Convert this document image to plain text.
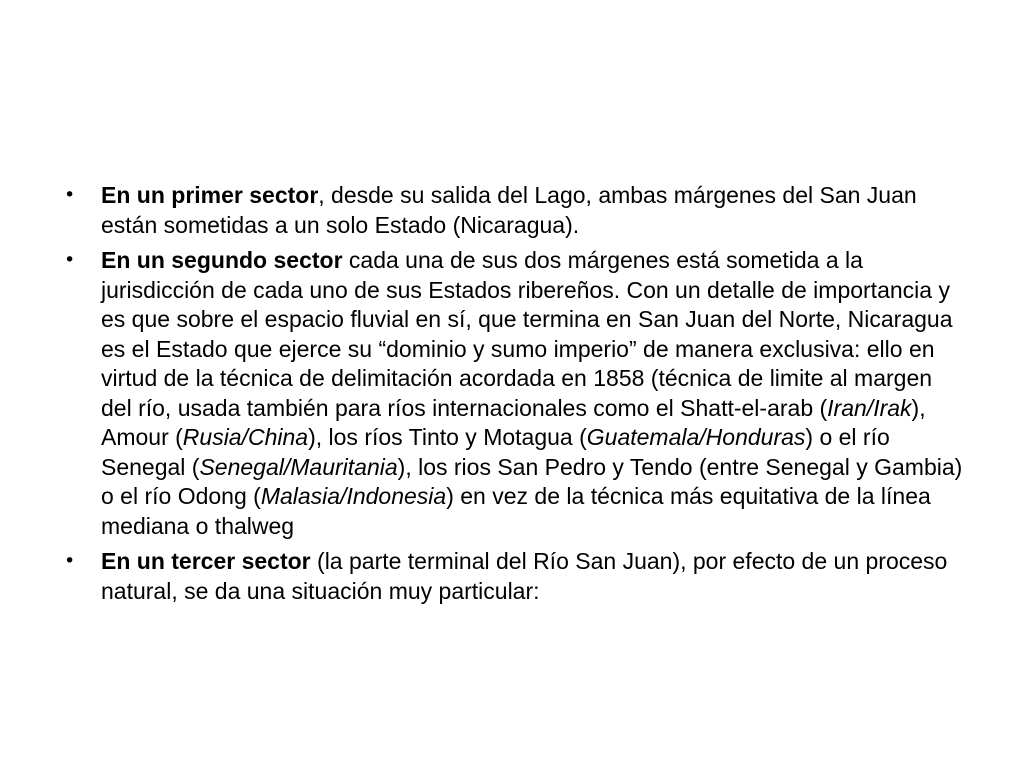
•	En un primer sector, desde su salida del Lago, ambas márgenes del San Juan están sometidas a un solo Estado (Nicaragua).
•	En un segundo sector cada una de sus dos márgenes está sometida a la jurisdicción de cada uno de sus Estados ribereños. Con un detalle de importancia y es que sobre el espacio fluvial en sí, que termina en San Juan del Norte, Nicaragua es el Estado que ejerce su “dominio y sumo imperio” de manera exclusiva: ello en virtud de la técnica de delimitación acordada en 1858 (técnica de limite al margen del río, usada también para ríos internacionales como el Shatt-el-arab (Iran/Irak), Amour (Rusia/China), los ríos Tinto y Motagua (Guatemala/Honduras) o el río Senegal (Senegal/Mauritania), los rios San Pedro y Tendo (entre Senegal y Gambia) o el río Odong (Malasia/Indonesia) en vez de la técnica más equitativa de la línea mediana o thalweg
•	En un tercer sector (la parte terminal del Río San Juan), por efecto de un proceso natural, se da una situación muy particular:
